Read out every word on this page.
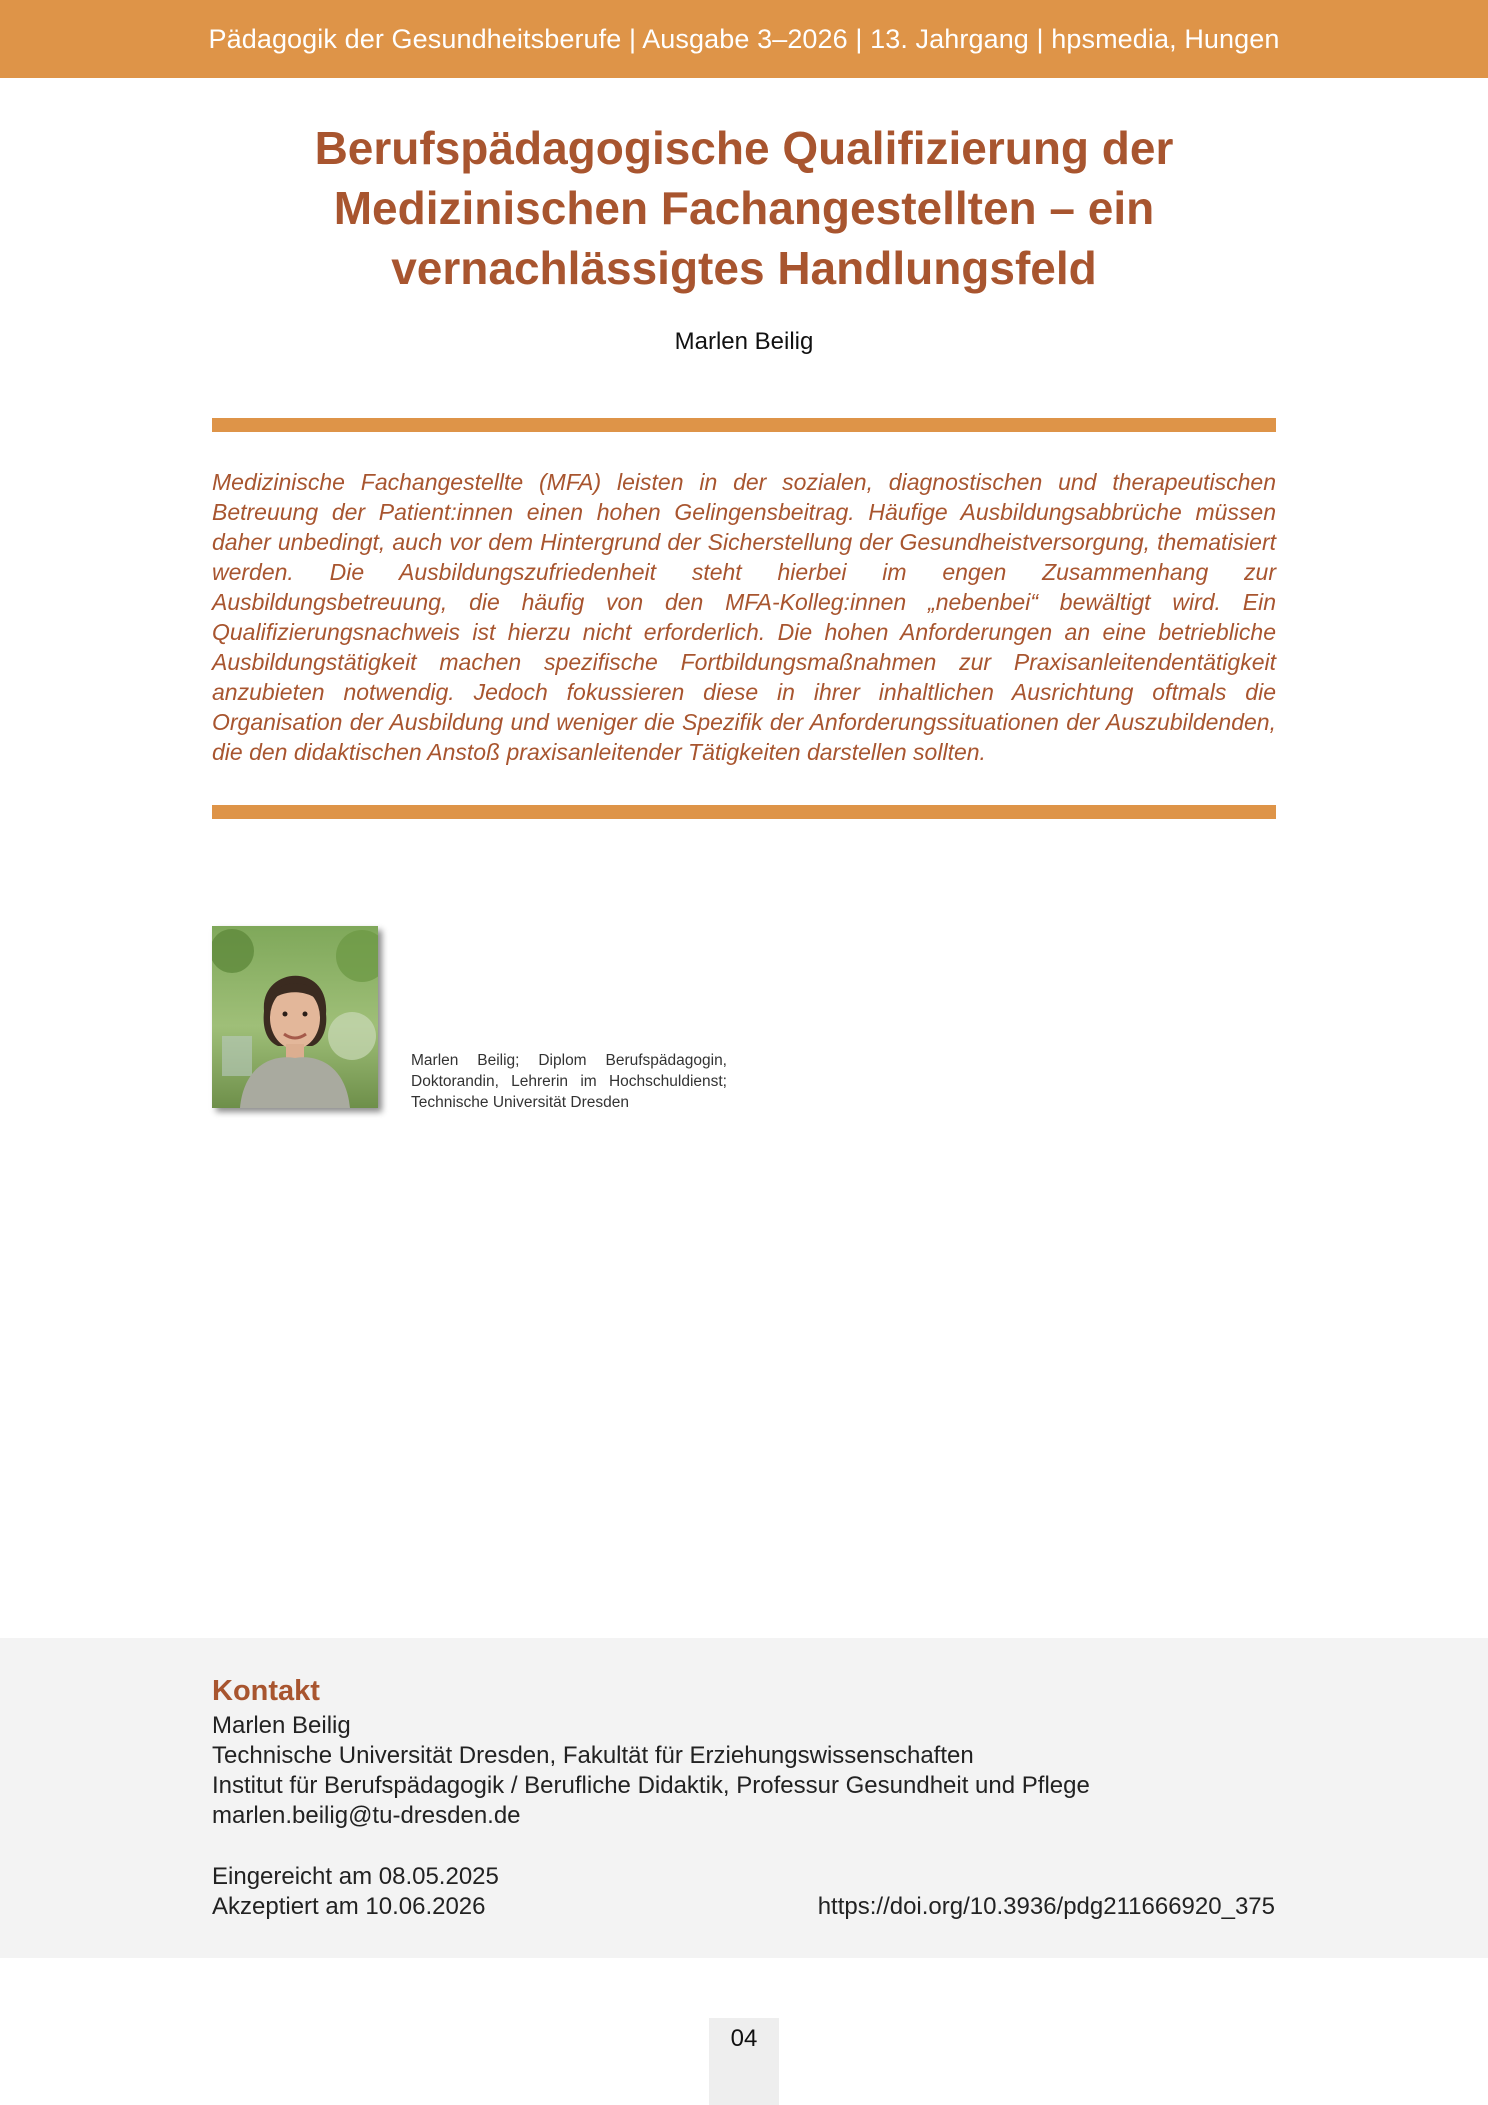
Pädagogik der Gesundheitsberufe | Ausgabe 3–2026 | 13. Jahrgang | hpsmedia, Hungen
Berufspädagogische Qualifizierung der Medizinischen Fachangestellten – ein vernachlässigtes Handlungsfeld
Marlen Beilig

Medizinische Fachangestellte (MFA) leisten in der sozialen, diagnostischen und therapeutischen Betreuung der Patient:innen einen hohen Gelingensbeitrag. Häufige Ausbildungsabbrüche müssen daher unbedingt, auch vor dem Hintergrund der Sicherstellung der Gesundheistversorgung, thematisiert werden. Die Ausbildungszufriedenheit steht hierbei im engen Zusammenhang zur Ausbildungsbetreuung, die häufig von den MFA-Kolleg:innen „nebenbei“ bewältigt wird. Ein Qualifizierungsnachweis ist hierzu nicht erforderlich. Die hohen Anforderungen an eine betriebliche Ausbildungstätigkeit machen spezifische Fortbildungsmaßnahmen zur Praxisanleitendentätigkeit anzubieten notwendig. Jedoch fokussieren diese in ihrer inhaltlichen Ausrichtung oftmals die Organisation der Ausbildung und weniger die Spezifik der Anforderungssituationen der Auszubildenden, die den didaktischen Anstoß praxisanleitender Tätigkeiten darstellen sollten.

Marlen Beilig; Diplom Berufspädagogin, Doktorandin, Lehrerin im Hochschuldienst; Technische Universität Dresden

Kontakt
Marlen Beilig
Technische Universität Dresden, Fakultät für Erziehungswissenschaften
Institut für Berufspädagogik / Berufliche Didaktik, Professur Gesundheit und Pflege
marlen.beilig@tu-dresden.de
Eingereicht am 08.05.2025
Akzeptiert am 10.06.2026	https://doi.org/10.3936/pdg211666920_375
04
